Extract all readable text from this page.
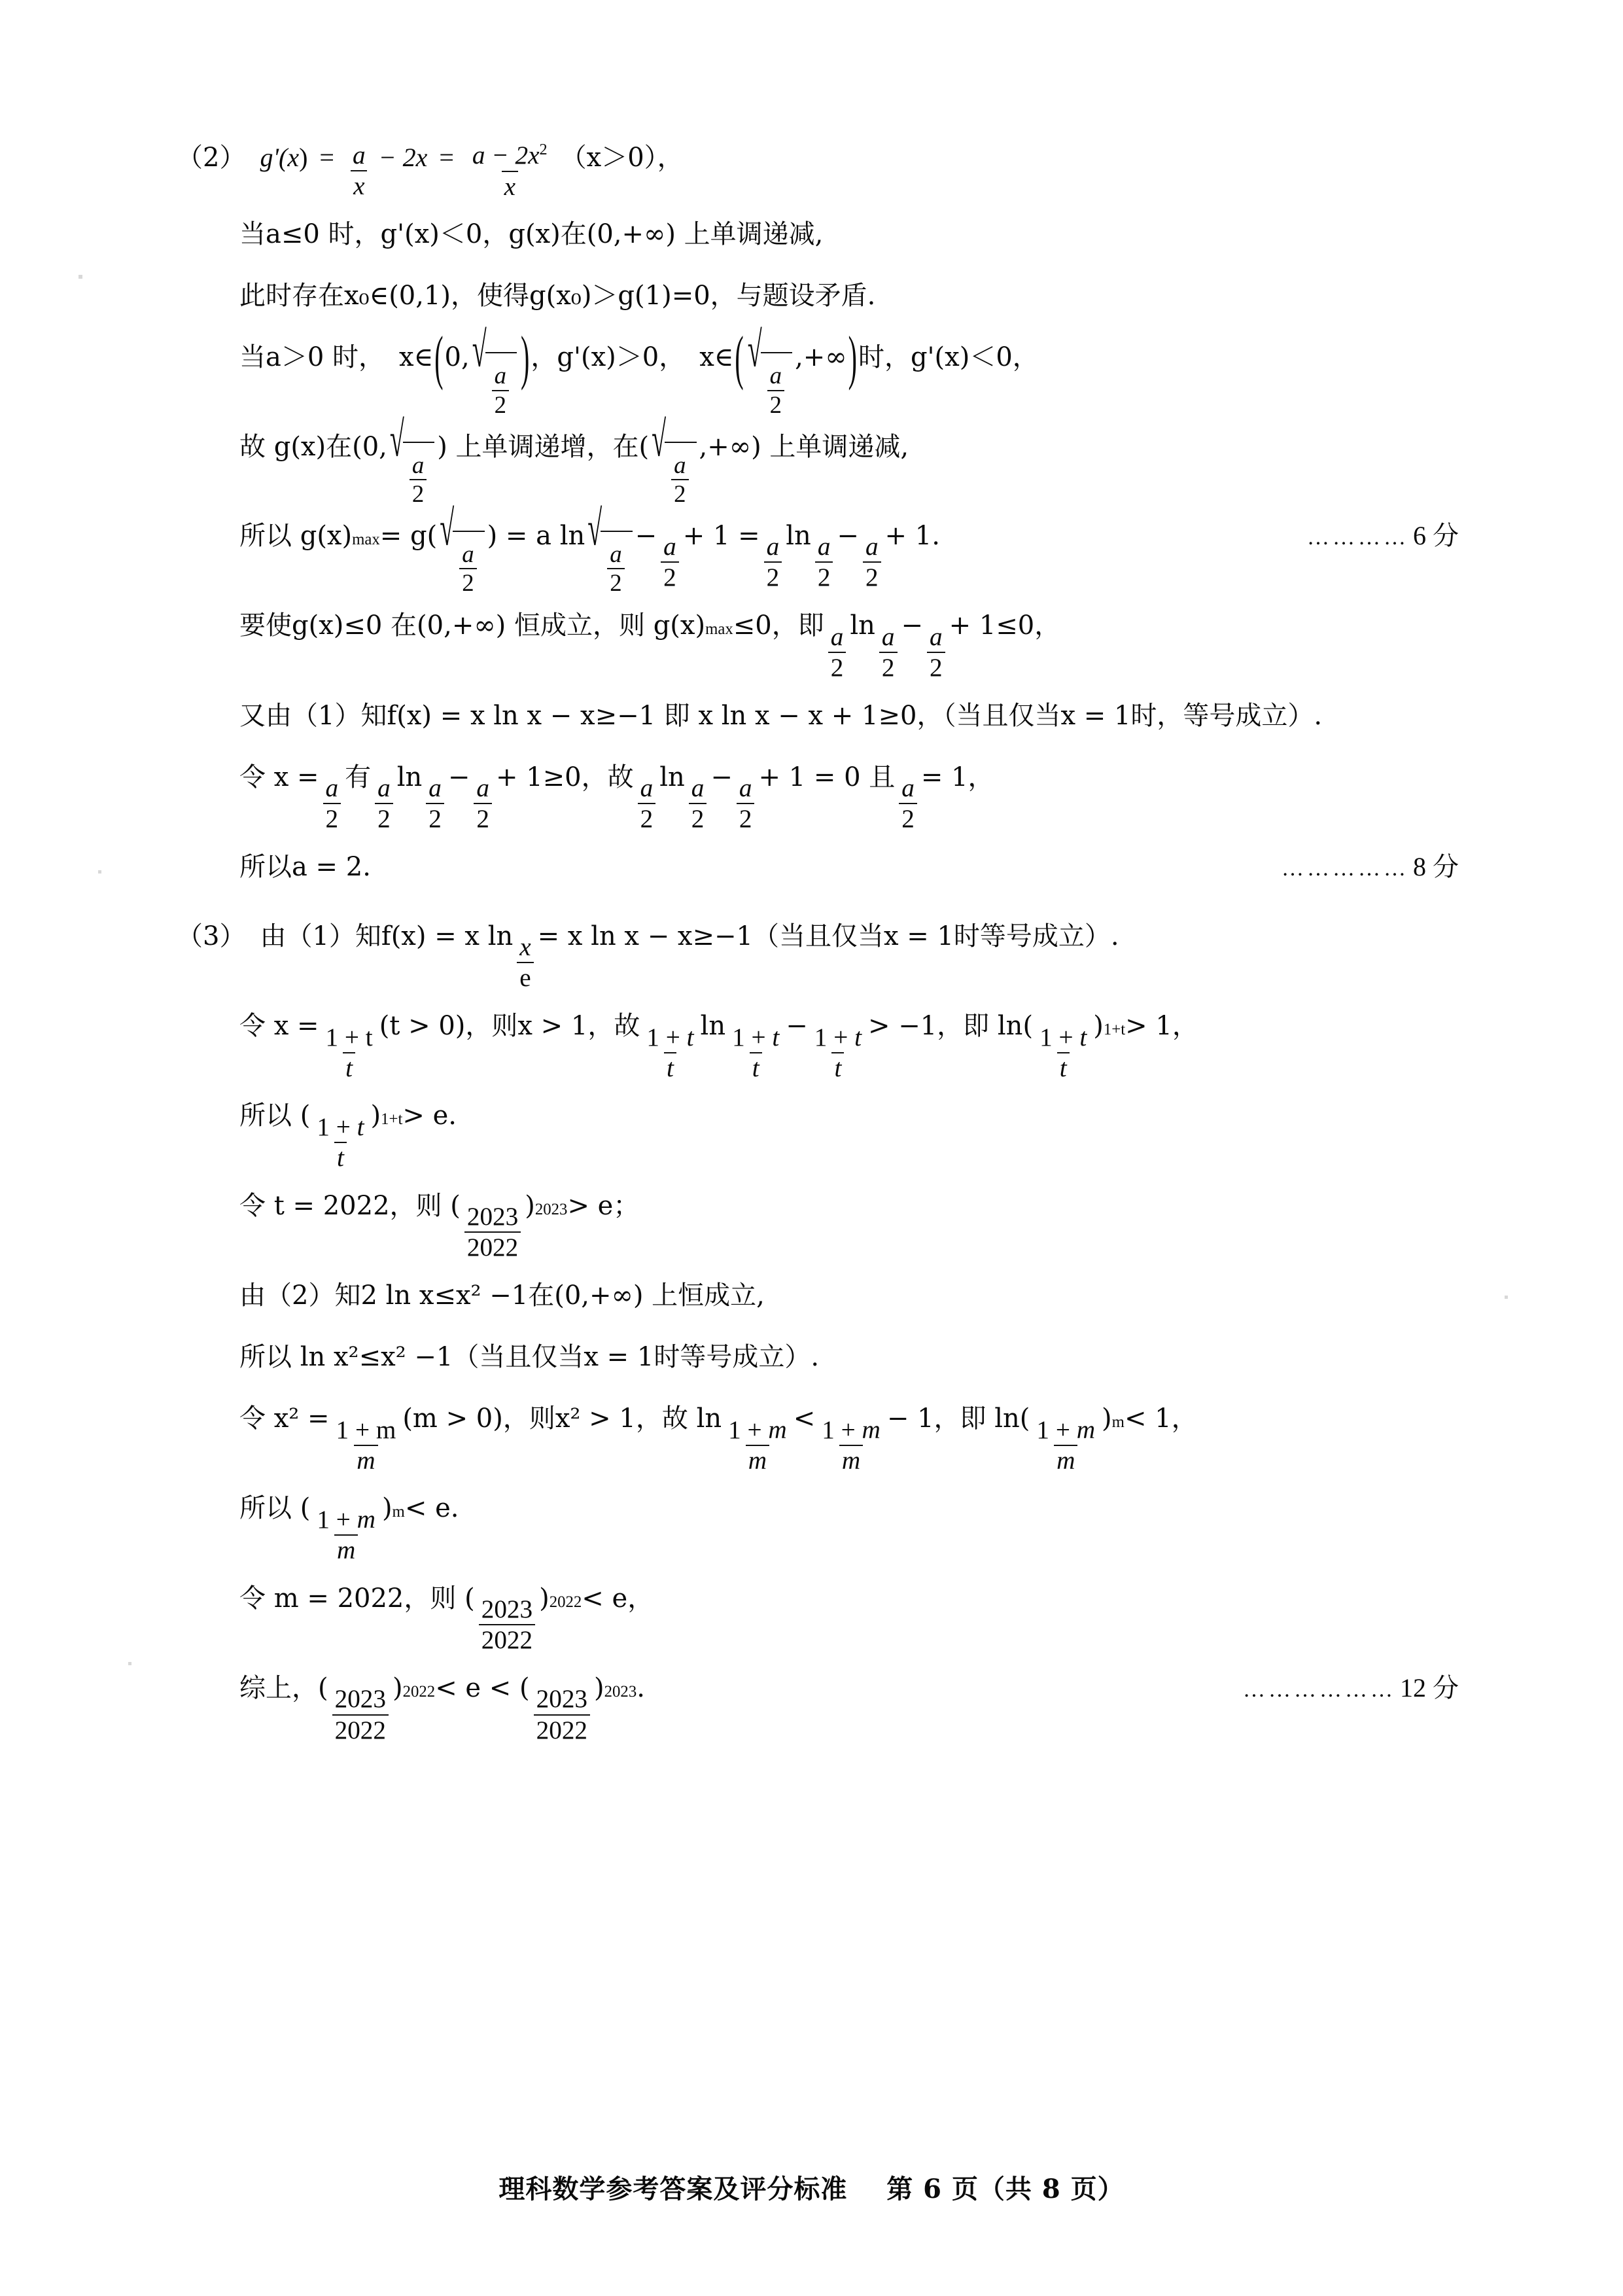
（2） $g'(x) = \frac{a}{x} - 2x = \frac{a - 2x^2}{x} (x>0)$，
当a≤0 时，g'(x)＜0，g(x)在(0,+∞) 上单调递减,
此时存在x₀∈(0,1)，使得g(x₀)＞g(1)=0，与题设矛盾.
当a＞0 时， x∈ ( 0, √
$\frac{a}{2}$ ) ，g'(x)＞0， x∈ ( √
$\frac{a}{2}$
,+∞ ) 时，g'(x)＜0，
故 g(x)在(0, √
$\frac{a}{2}$
) 上单调递增，在( √
$\frac{a}{2}$
,+∞) 上单调递减,
所以 g(x) max = g( √
$\frac{a}{2}$
) = a ln √
$\frac{a}{2}$
− $\frac{a}{2} + 1 = \frac{a}{2}$ $\ln \frac{a}{2} - \frac{a}{2} + 1$.	………… 6 分
要使g(x)≤0 在(0,+∞) 恒成立，则 g(x) max ≤0，即 $\frac{a}{2}$ $\ln \frac{a}{2} - \frac{a}{2} + 1\le 0$，
又由（1）知f(x) = x ln x − x≥−1 即 x ln x − x + 1≥0，（当且仅当x = 1时，等号成立）.
令 $x = \frac{a}{2}$ 有 $\frac{a}{2}$ $\ln \frac{a}{2} - \frac{a}{2} + 1\ge 0$，故 $\frac{a}{2}$ $\ln \frac{a}{2} - \frac{a}{2} + 1 = 0$ 且 $\frac{a}{2} = 1$，
所以a = 2.	…………… 8 分
（3） 由（1）知f(x) = x $\ln \frac{x}{e} = x$ ln x − x≥−1（当且仅当x = 1时等号成立）.
令 $x = \frac{1 + t}{t} (t > 0)$，则x > 1，故 $\frac{1 + t}{t}$ $\ln \frac{1 + t}{t} - \frac{1 + t}{t} > -1$，即 $\ln( \frac{1 + t}{t}$ ) 1+t > 1，
所以 ( $\frac{1 + t}{t}$ ) 1+t > e.
令 t = 2022，则 ( $\frac{2023}{2022}$ ) 2023 > e；
由（2）知2 ln x≤x² −1在(0,+∞) 上恒成立,
所以 ln x²≤x² −1（当且仅当x = 1时等号成立）.
令 $x^2 = \frac{1 + m}{m} (m > 0)$，则x² > 1，故 $\ln \frac{1 + m}{m} < \frac{1 + m}{m} - 1$，即 $\ln( \frac{1 + m}{m}$ ) m < 1，
所以 ( $\frac{1 + m}{m}$ ) m < e.
令 m = 2022，则 ( $\frac{2023}{2022}$ ) 2022 < e，
综上，( $\frac{2023}{2022}$ ) 2022 < e < ( $\frac{2023}{2022}$ ) 2023 .	……………… 12 分
理科数学参考答案及评分标准 第 6 页（共 8 页）
